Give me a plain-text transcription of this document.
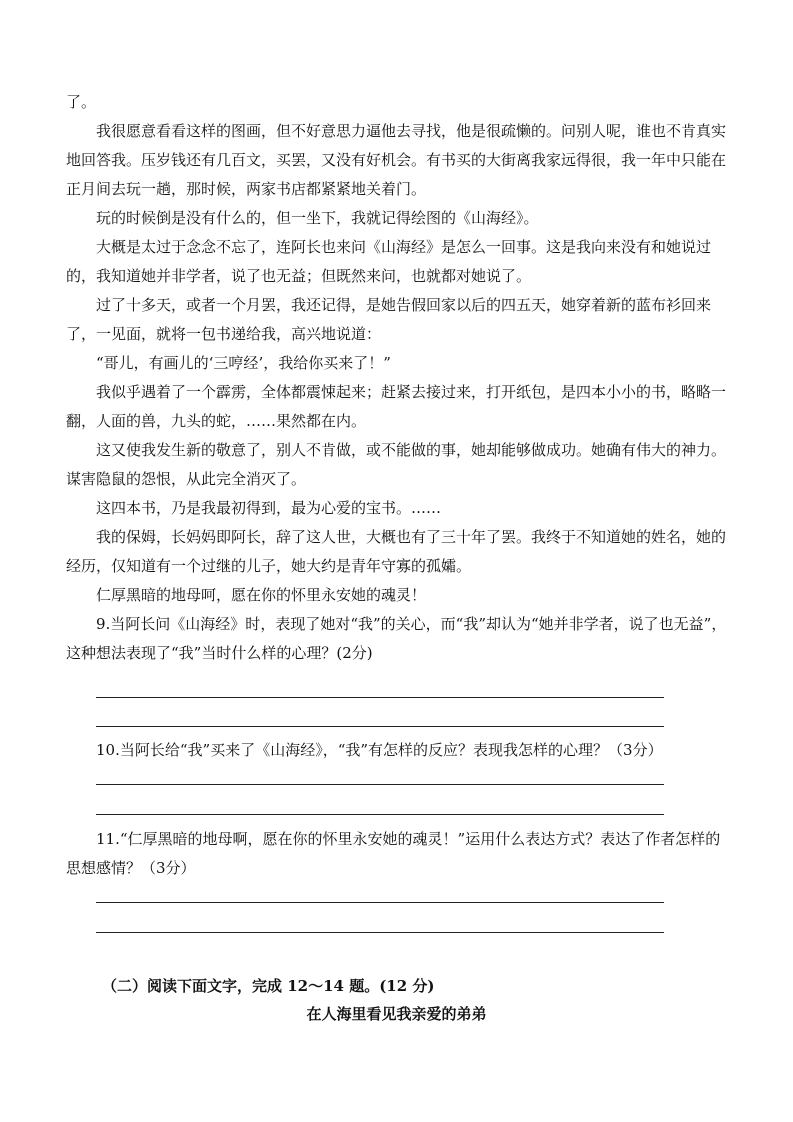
了。

我很愿意看看这样的图画，但不好意思力逼他去寻找，他是很疏懒的。问别人呢，谁也不肯真实地回答我。压岁钱还有几百文，买罢，又没有好机会。有书买的大街离我家远得很，我一年中只能在正月间去玩一趟，那时候，两家书店都紧紧地关着门。

玩的时候倒是没有什么的，但一坐下，我就记得绘图的《山海经》。

大概是太过于念念不忘了，连阿长也来问《山海经》是怎么一回事。这是我向来没有和她说过的，我知道她并非学者，说了也无益；但既然来问，也就都对她说了。

过了十多天，或者一个月罢，我还记得，是她告假回家以后的四五天，她穿着新的蓝布衫回来了，一见面，就将一包书递给我，高兴地说道：

“哥儿，有画儿的‘三哼经’，我给你买来了！”

我似乎遇着了一个霹雳，全体都震悚起来；赶紧去接过来，打开纸包，是四本小小的书，略略一翻，人面的兽，九头的蛇，……果然都在内。

这又使我发生新的敬意了，别人不肯做，或不能做的事，她却能够做成功。她确有伟大的神力。谋害隐鼠的怨恨，从此完全消灭了。

这四本书，乃是我最初得到，最为心爱的宝书。……

我的保姆，长妈妈即阿长，辞了这人世，大概也有了三十年了罢。我终于不知道她的姓名，她的经历，仅知道有一个过继的儿子，她大约是青年守寡的孤孀。

仁厚黑暗的地母呵，愿在你的怀里永安她的魂灵！

9.当阿长问《山海经》时，表现了她对“我”的关心，而“我”却认为“她并非学者，说了也无益”，这种想法表现了“我”当时什么样的心理？(2分)

10.当阿长给“我”买来了《山海经》，“我”有怎样的反应？表现我怎样的心理？（3分）

11.“仁厚黑暗的地母啊，愿在你的怀里永安她的魂灵！”运用什么表达方式？表达了作者怎样的思想感情？（3分）

（二）阅读下面文字，完成 12～14 题。(12 分)
在人海里看见我亲爱的弟弟
